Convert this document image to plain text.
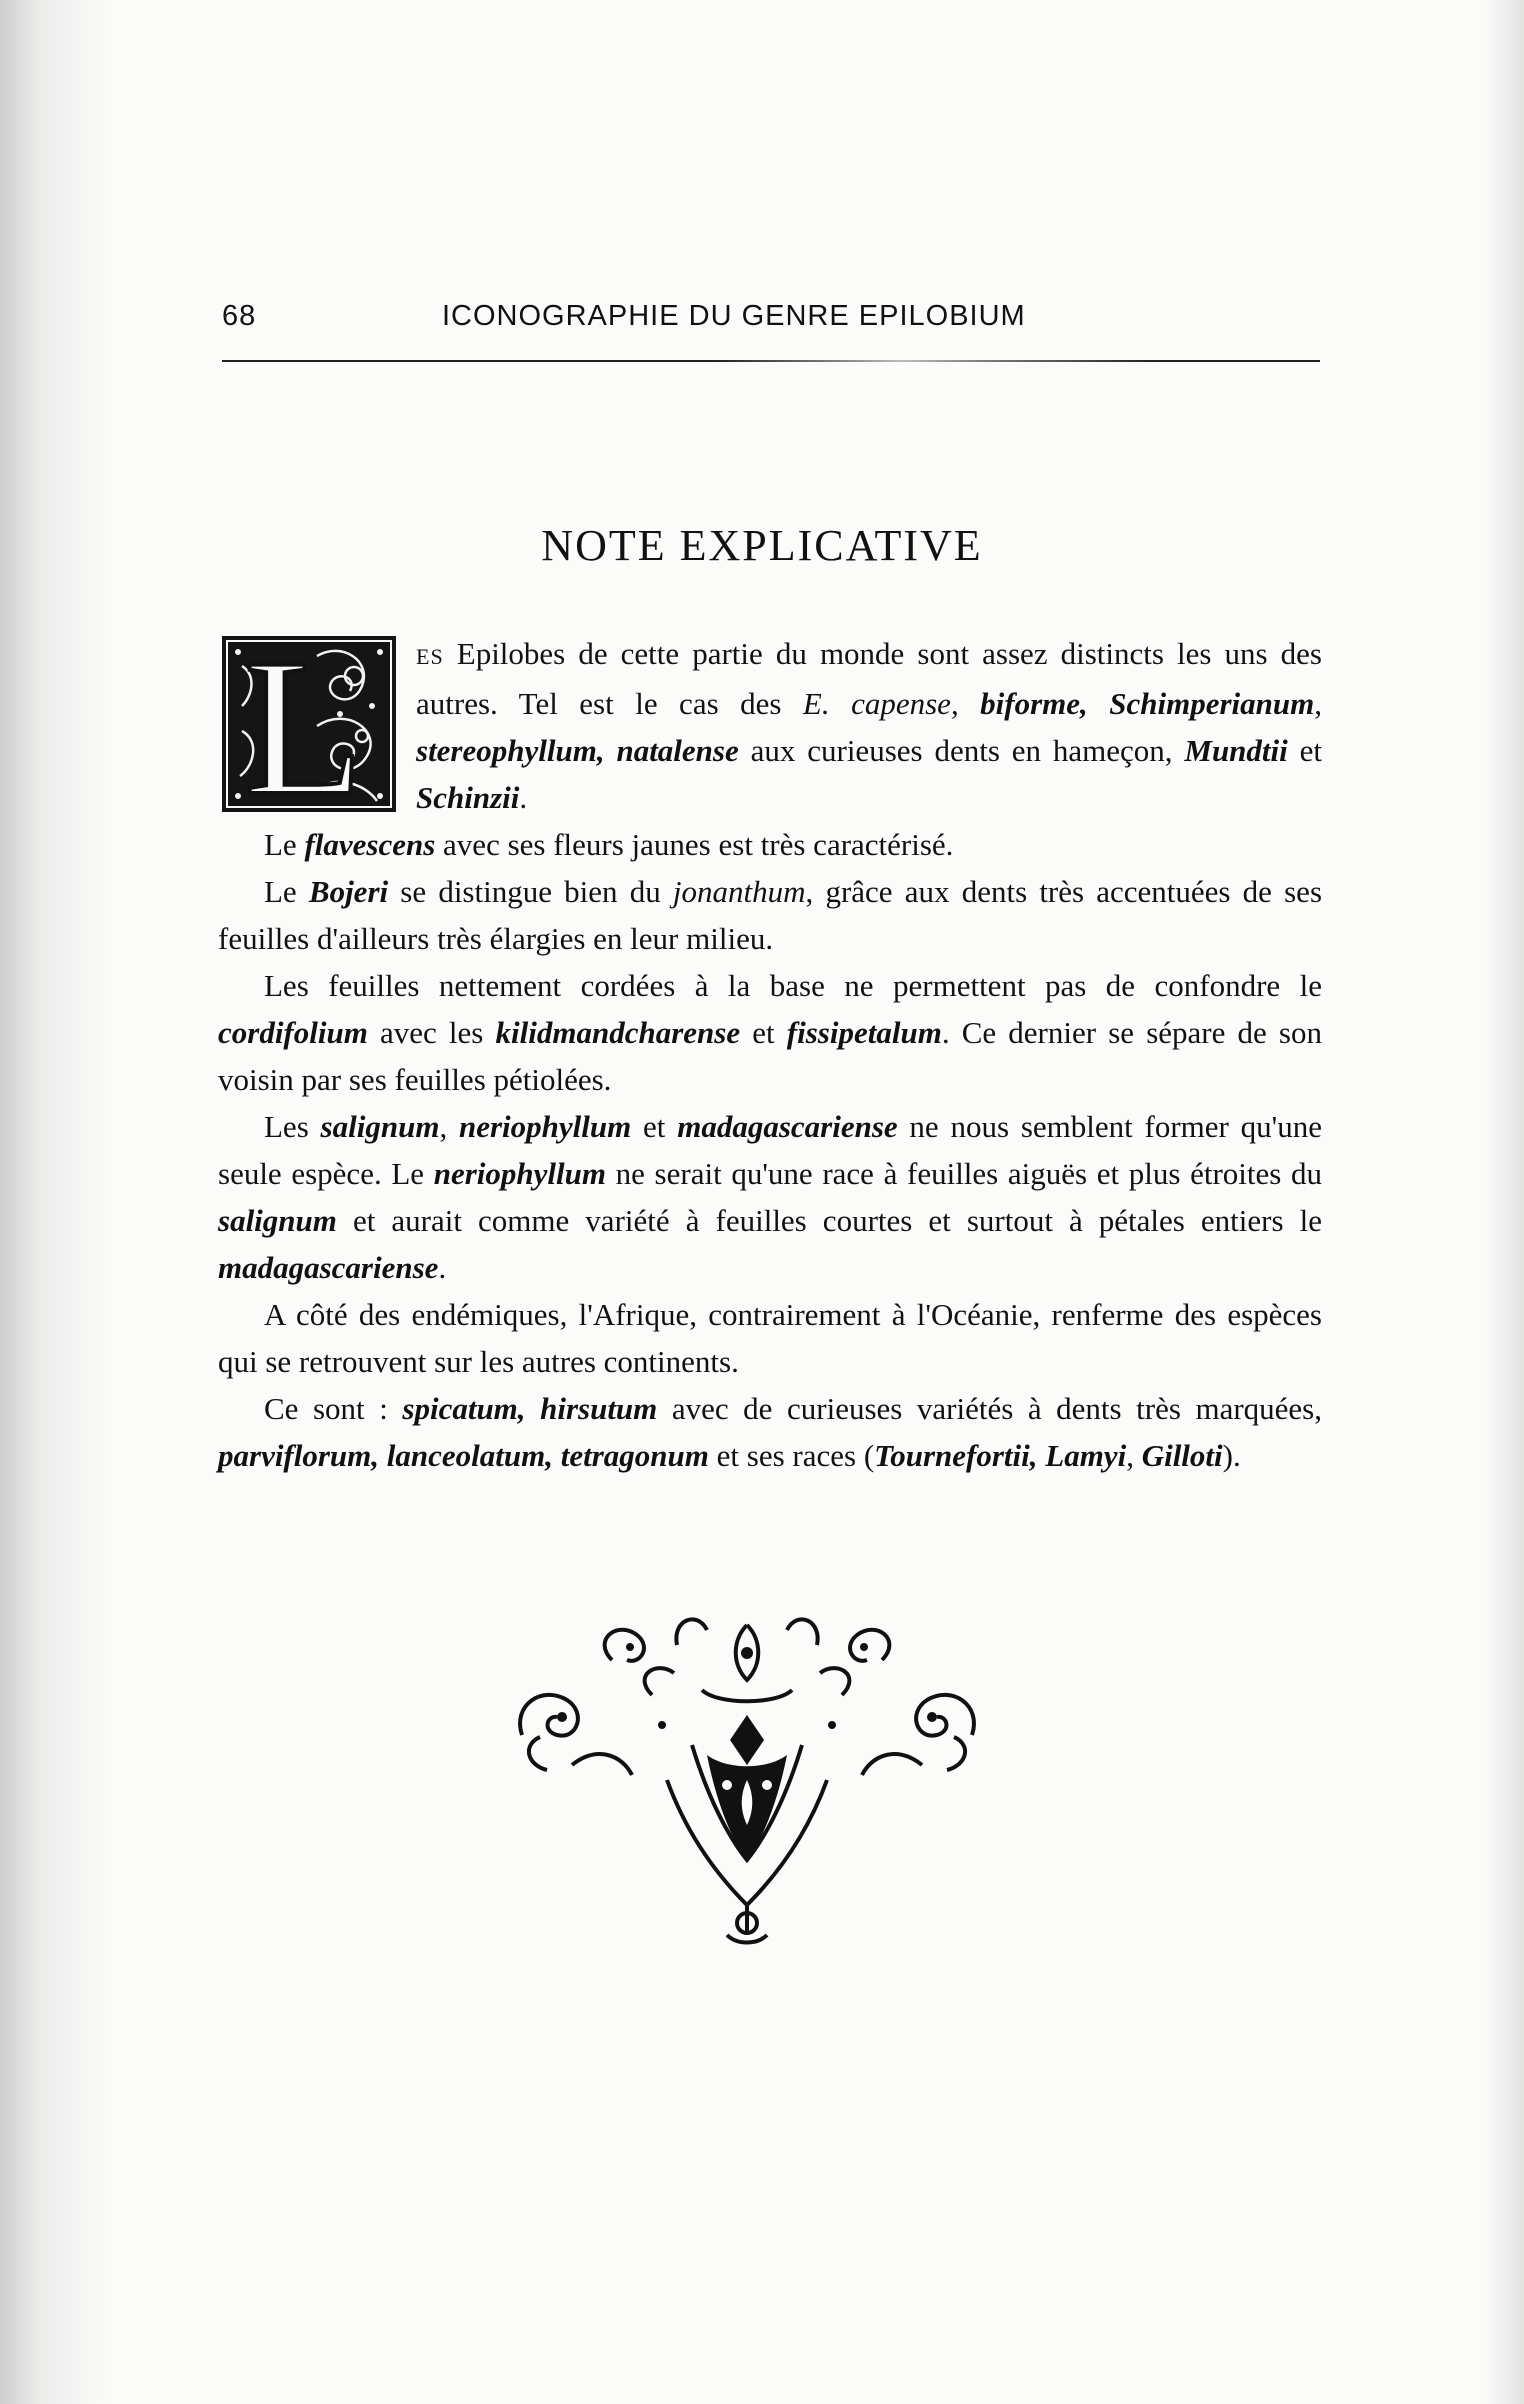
68	ICONOGRAPHIE DU GENRE EPILOBIUM
NOTE EXPLICATIVE

L ES Epilobes de cette partie du monde sont assez distincts les uns des autres. Tel est le cas des E. capense, biforme, Schimperianum, stereophyllum, natalense aux curieuses dents en hameçon, Mundtii et Schinzii.

Le flavescens avec ses fleurs jaunes est très caractérisé.

Le Bojeri se distingue bien du jonanthum, grâce aux dents très accentuées de ses feuilles d'ailleurs très élargies en leur milieu.

Les feuilles nettement cordées à la base ne permettent pas de confondre le cordifolium avec les kilidmandcharense et fissipetalum. Ce dernier se sépare de son voisin par ses feuilles pétiolées.

Les salignum, neriophyllum et madagascariense ne nous semblent former qu'une seule espèce. Le neriophyllum ne serait qu'une race à feuilles aiguës et plus étroites du salignum et aurait comme variété à feuilles courtes et surtout à pétales entiers le madagascariense.

A côté des endémiques, l'Afrique, contrairement à l'Océanie, renferme des espèces qui se retrouvent sur les autres continents.

Ce sont : spicatum, hirsutum avec de curieuses variétés à dents très marquées, parviflorum, lanceolatum, tetragonum et ses races (Tournefortii, Lamyi, Gilloti).
